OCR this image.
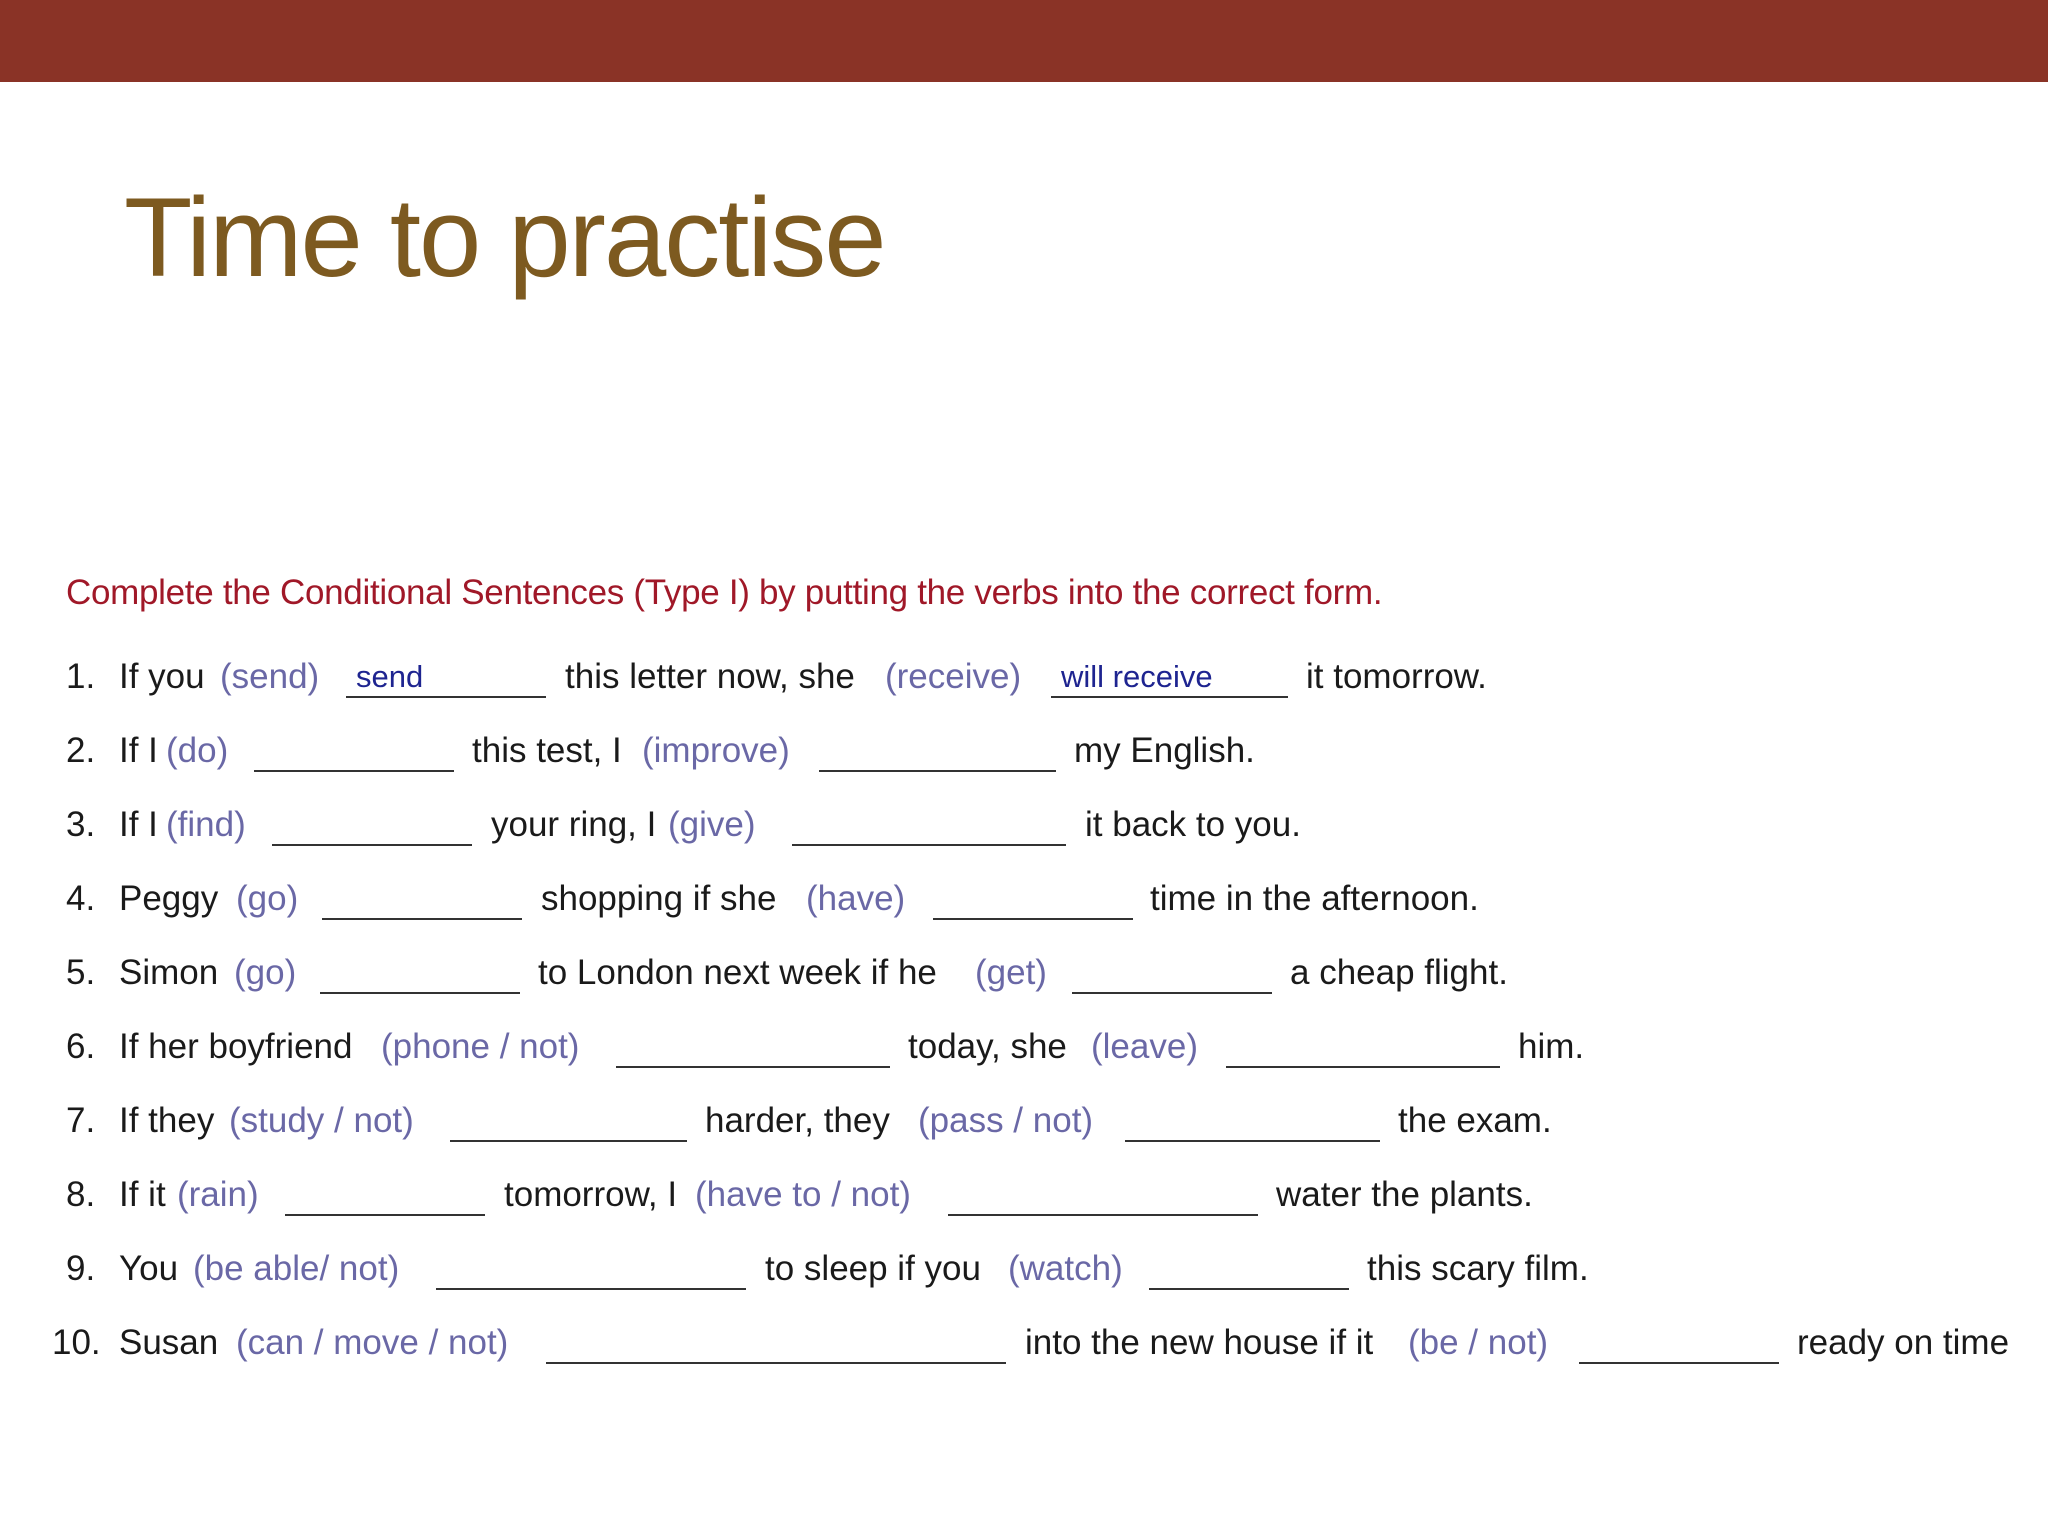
Time to practise
Complete the Conditional Sentences (Type I) by putting the verbs into the correct form.
1. If you (send) send	this letter now, she (receive) will receive	it tomorrow.
2. If I (do)	this test, I (improve)	my English.
3. If I (find)	your ring, I (give)	it back to you.
4. Peggy (go)	shopping if she (have)	time in the afternoon.
5. Simon (go)	to London next week if he (get)	a cheap flight.
6. If her boyfriend (phone / not)	today, she (leave)	him.
7. If they (study / not)	harder, they (pass / not)	the exam.
8. If it (rain)	tomorrow, I (have to / not)	water the plants.
9. You (be able/ not)	to sleep if you (watch)	this scary film.
10. Susan (can / move / not)	into the new house if it (be / not)	ready on time
